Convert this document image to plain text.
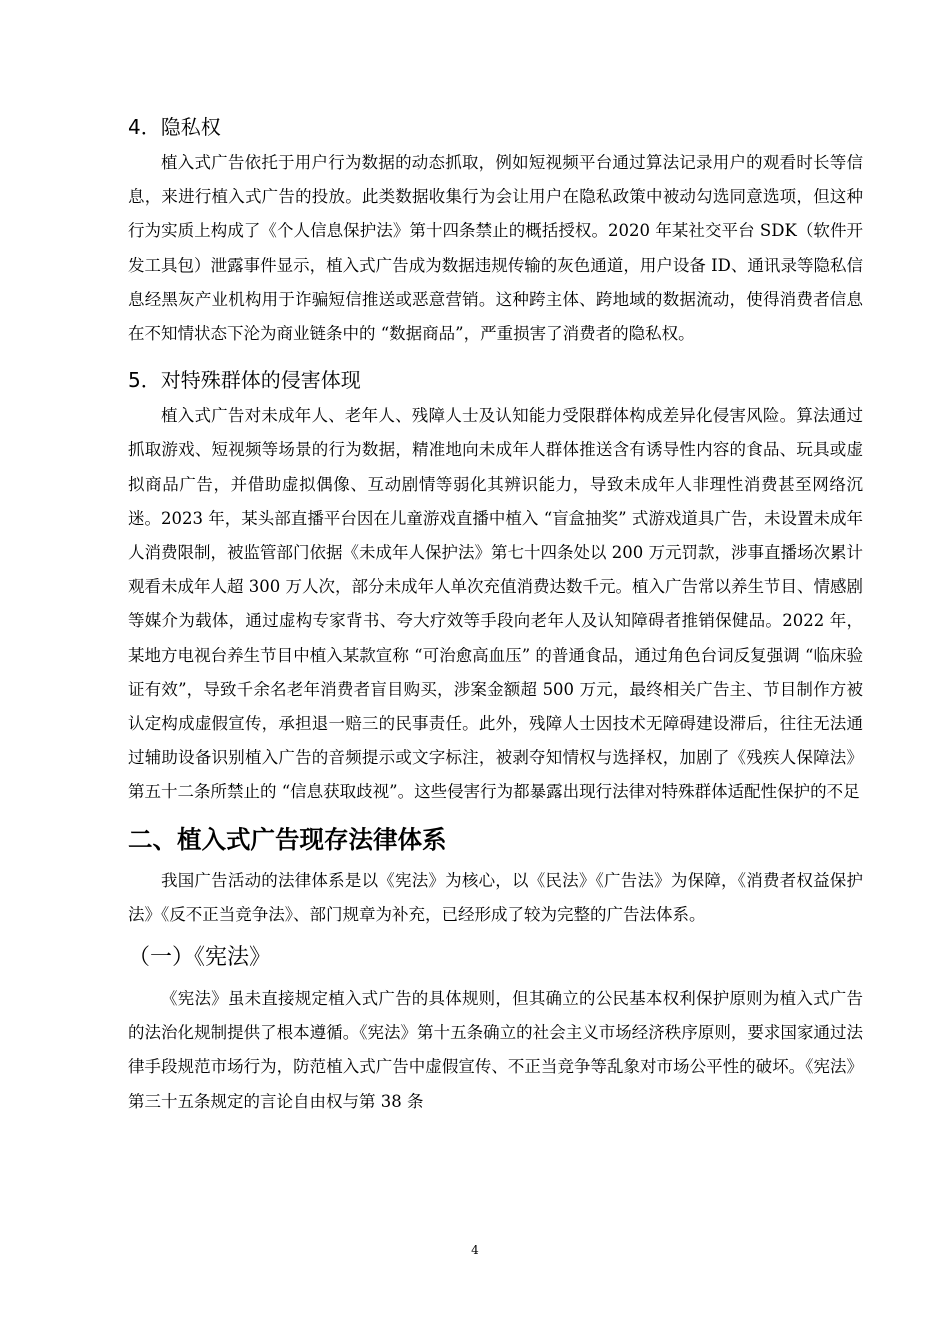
4．隐私权

植入式广告依托于用户行为数据的动态抓取，例如短视频平台通过算法记录用户的观看时长等信息，来进行植入式广告的投放。此类数据收集行为会让用户在隐私政策中被动勾选同意选项，但这种行为实质上构成了《个人信息保护法》第十四条禁止的概括授权。2020 年某社交平台 SDK（软件开发工具包）泄露事件显示，植入式广告成为数据违规传输的灰色通道，用户设备 ID、通讯录等隐私信息经黑灰产业机构用于诈骗短信推送或恶意营销。这种跨主体、跨地域的数据流动，使得消费者信息在不知情状态下沦为商业链条中的 “数据商品”，严重损害了消费者的隐私权。

5．对特殊群体的侵害体现

植入式广告对未成年人、老年人、残障人士及认知能力受限群体构成差异化侵害风险。算法通过抓取游戏、短视频等场景的行为数据，精准地向未成年人群体推送含有诱导性内容的食品、玩具或虚拟商品广告，并借助虚拟偶像、互动剧情等弱化其辨识能力，导致未成年人非理性消费甚至网络沉迷。2023 年，某头部直播平台因在儿童游戏直播中植入 “盲盒抽奖” 式游戏道具广告，未设置未成年人消费限制，被监管部门依据《未成年人保护法》第七十四条处以 200 万元罚款，涉事直播场次累计观看未成年人超 300 万人次，部分未成年人单次充值消费达数千元。植入广告常以养生节目、情感剧等媒介为载体，通过虚构专家背书、夸大疗效等手段向老年人及认知障碍者推销保健品。2022 年，某地方电视台养生节目中植入某款宣称 “可治愈高血压” 的普通食品，通过角色台词反复强调 “临床验证有效”，导致千余名老年消费者盲目购买，涉案金额超 500 万元，最终相关广告主、节目制作方被认定构成虚假宣传，承担退一赔三的民事责任。此外，残障人士因技术无障碍建设滞后，往往无法通过辅助设备识别植入广告的音频提示或文字标注，被剥夺知情权与选择权，加剧了《残疾人保障法》第五十二条所禁止的 “信息获取歧视”。这些侵害行为都暴露出现行法律对特殊群体适配性保护的不足

二、植入式广告现存法律体系

我国广告活动的法律体系是以《宪法》为核心，以《民法》《广告法》为保障，《消费者权益保护法》《反不正当竞争法》、部门规章为补充，已经形成了较为完整的广告法体系。

（一）《宪法》

《宪法》虽未直接规定植入式广告的具体规则，但其确立的公民基本权利保护原则为植入式广告的法治化规制提供了根本遵循。《宪法》第十五条确立的社会主义市场经济秩序原则，要求国家通过法律手段规范市场行为，防范植入式广告中虚假宣传、不正当竞争等乱象对市场公平性的破坏。《宪法》第三十五条规定的言论自由权与第 38 条

4
